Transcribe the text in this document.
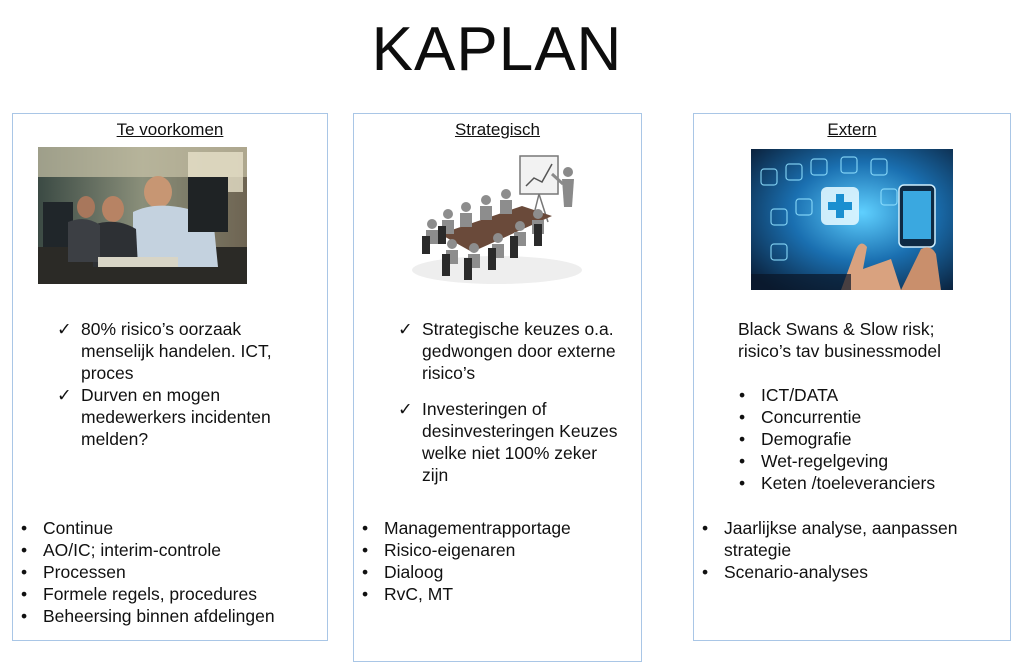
KAPLAN
Te voorkomen
✓ 80% risico’s oorzaak
menselijk handelen. ICT,
proces
✓ Durven en mogen
medewerkers incidenten
melden?
• Continue
• AO/IC; interim-controle
• Processen
• Formele regels, procedures
• Beheersing binnen afdelingen
Strategisch
✓ Strategische keuzes o.a.
gedwongen door externe
risico’s
✓ Investeringen of
desinvesteringen Keuzes
welke niet 100% zeker
zijn
• Managementrapportage
• Risico-eigenaren
• Dialoog
• RvC, MT
Extern
Black Swans & Slow risk;
risico’s tav businessmodel
• ICT/DATA
• Concurrentie
• Demografie
• Wet-regelgeving
• Keten /toeleveranciers
• Jaarlijkse analyse, aanpassen
strategie
• Scenario-analyses
